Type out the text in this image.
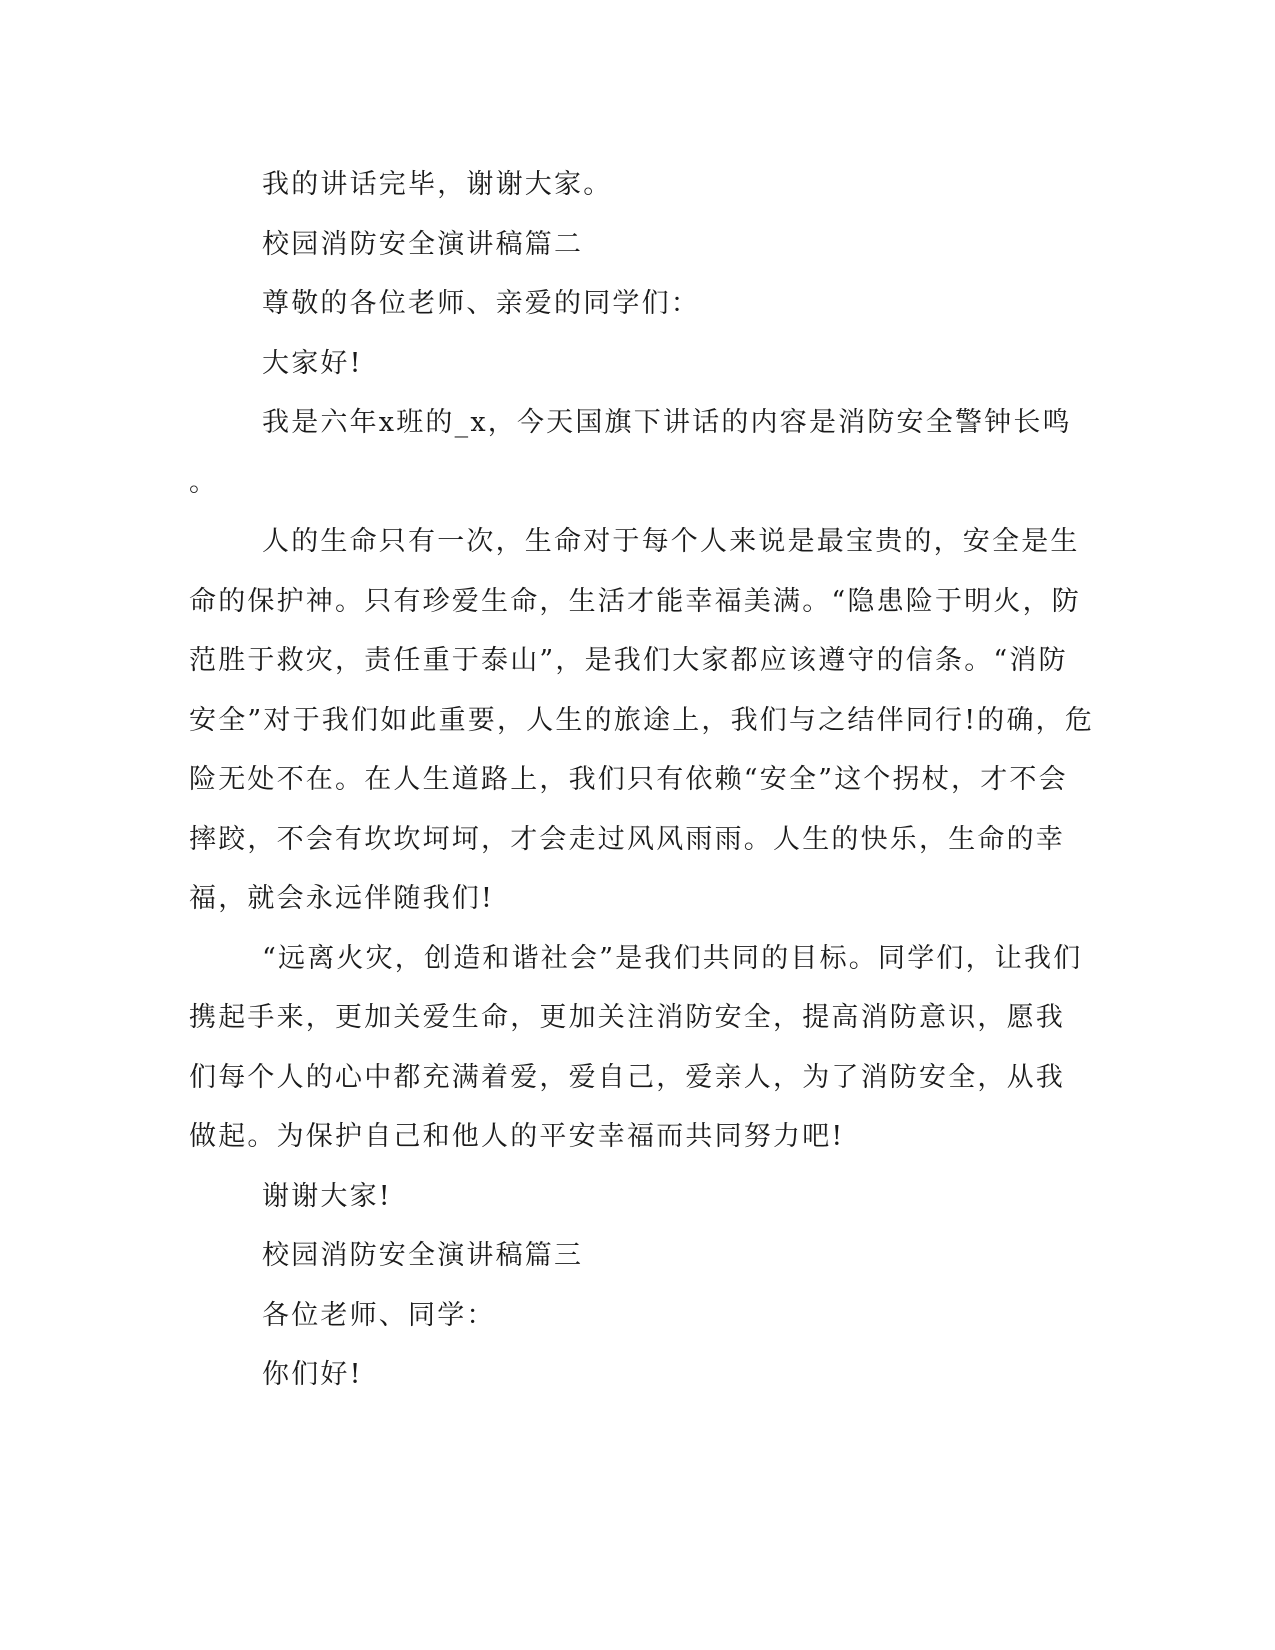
我的讲话完毕，谢谢大家。
校园消防安全演讲稿篇二
尊敬的各位老师、亲爱的同学们：
大家好!
我是六年x班的_x，今天国旗下讲话的内容是消防安全警钟长鸣
。
人的生命只有一次，生命对于每个人来说是最宝贵的，安全是生
命的保护神。只有珍爱生命，生活才能幸福美满。“隐患险于明火，防
范胜于救灾，责任重于泰山”，是我们大家都应该遵守的信条。“消防
安全”对于我们如此重要，人生的旅途上，我们与之结伴同行!的确，危
险无处不在。在人生道路上，我们只有依赖“安全”这个拐杖，才不会
摔跤，不会有坎坎坷坷，才会走过风风雨雨。人生的快乐，生命的幸
福，就会永远伴随我们!
“远离火灾，创造和谐社会”是我们共同的目标。同学们，让我们
携起手来，更加关爱生命，更加关注消防安全，提高消防意识，愿我
们每个人的心中都充满着爱，爱自己，爱亲人，为了消防安全，从我
做起。为保护自己和他人的平安幸福而共同努力吧!
谢谢大家!
校园消防安全演讲稿篇三
各位老师、同学：
你们好!
